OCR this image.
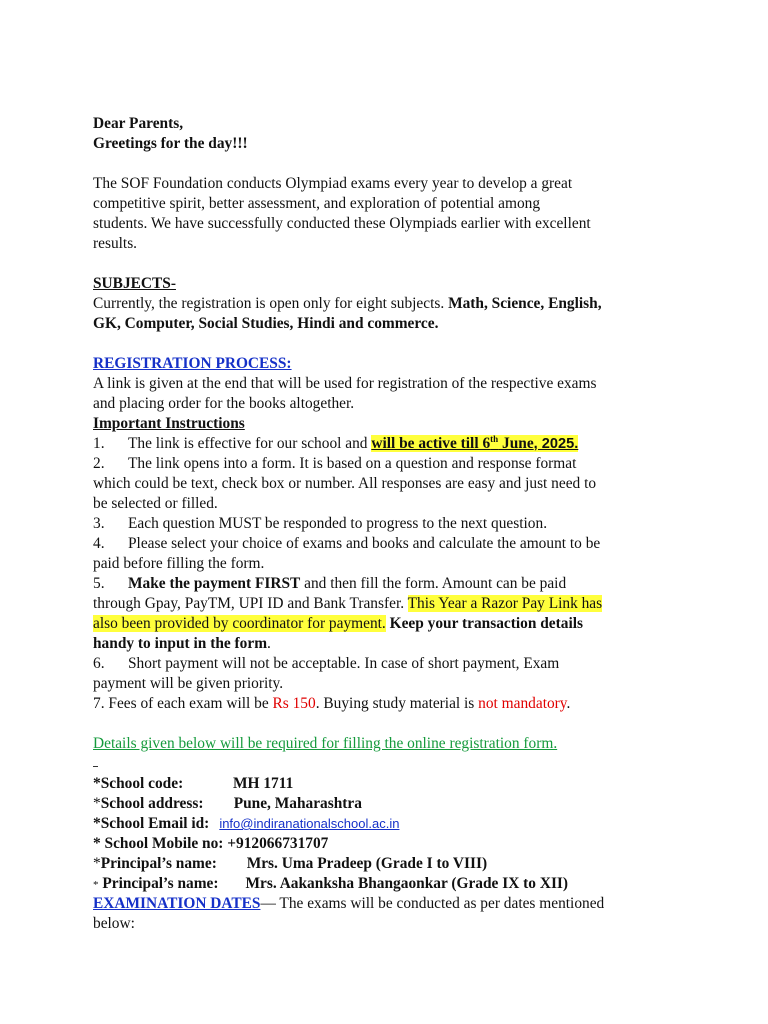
Dear Parents,
Greetings for the day!!!
The SOF Foundation conducts Olympiad exams every year to develop a great
competitive spirit, better assessment, and exploration of potential among
students. We have successfully conducted these Olympiads earlier with excellent
results.
SUBJECTS-
Currently, the registration is open only for eight subjects. Math, Science, English,
GK, Computer, Social Studies, Hindi and commerce.
REGISTRATION PROCESS:
A link is given at the end that will be used for registration of the respective exams
and placing order for the books altogether.
Important Instructions
1. The link is effective for our school and will be active till 6th June, 2025.
2. The link opens into a form. It is based on a question and response format
which could be text, check box or number. All responses are easy and just need to
be selected or filled.
3. Each question MUST be responded to progress to the next question.
4. Please select your choice of exams and books and calculate the amount to be
paid before filling the form.
5. Make the payment FIRST and then fill the form. Amount can be paid
through Gpay, PayTM, UPI ID and Bank Transfer. This Year a Razor Pay Link has
also been provided by coordinator for payment. Keep your transaction details
handy to input in the form.
6. Short payment will not be acceptable. In case of short payment, Exam
payment will be given priority.
7. Fees of each exam will be Rs 150. Buying study material is not mandatory.
Details given below will be required for filling the online registration form.
*School code:	MH 1711
*School address: Pune, Maharashtra
*School Email id: info@indiranationalschool.ac.in
* School Mobile no: +912066731707
*Principal’s name: Mrs. Uma Pradeep (Grade I to VIII)
* Principal’s name: Mrs. Aakanksha Bhangaonkar (Grade IX to XII)
EXAMINATION DATES— The exams will be conducted as per dates mentioned
below:
